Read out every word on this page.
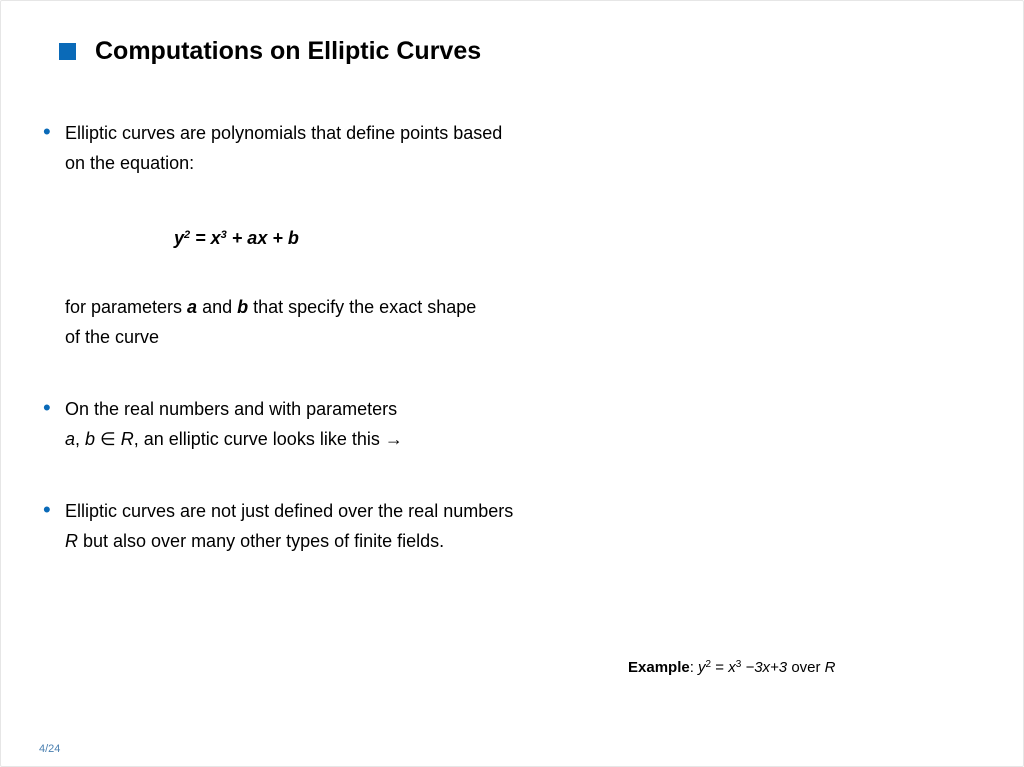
Computations on Elliptic Curves
• Elliptic curves are polynomials that define points based
on the equation:
$y^2 = x^3$ + ax + b
for parameters a and b that specify the exact shape
of the curve
• On the real numbers and with parameters
a, b ∈ R, an elliptic curve looks like this →
• Elliptic curves are not just defined over the real numbers
R but also over many other types of finite fields.
Example: $y^2 = x^3 -3x+3$ over R
4/24
